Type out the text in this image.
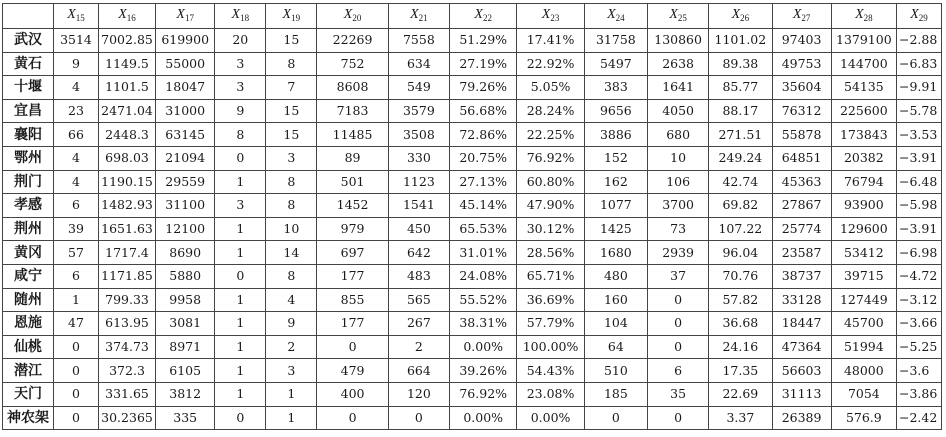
	$X_{15}$	$X_{16}$	$X_{17}$	$X_{18}$	$X_{19}$	$X_{20}$	$X_{21}$	$X_{22}$	$X_{23}$	$X_{24}$	$X_{25}$	$X_{26}$	$X_{27}$	$X_{28}$	$X_{29}$
武汉	3514	7002.85	619900	20	15	22269	7558	51.29%	17.41%	31758	130860	1101.02	97403	1379100	−2.88
黄石	9	1149.5	55000	3	8	752	634	27.19%	22.92%	5497	2638	89.38	49753	144700	−6.83
十堰	4	1101.5	18047	3	7	8608	549	79.26%	5.05%	383	1641	85.77	35604	54135	−9.91
宜昌	23	2471.04	31000	9	15	7183	3579	56.68%	28.24%	9656	4050	88.17	76312	225600	−5.78
襄阳	66	2448.3	63145	8	15	11485	3508	72.86%	22.25%	3886	680	271.51	55878	173843	−3.53
鄂州	4	698.03	21094	0	3	89	330	20.75%	76.92%	152	10	249.24	64851	20382	−3.91
荆门	4	1190.15	29559	1	8	501	1123	27.13%	60.80%	162	106	42.74	45363	76794	−6.48
孝感	6	1482.93	31100	3	8	1452	1541	45.14%	47.90%	1077	3700	69.82	27867	93900	−5.98
荆州	39	1651.63	12100	1	10	979	450	65.53%	30.12%	1425	73	107.22	25774	129600	−3.91
黄冈	57	1717.4	8690	1	14	697	642	31.01%	28.56%	1680	2939	96.04	23587	53412	−6.98
咸宁	6	1171.85	5880	0	8	177	483	24.08%	65.71%	480	37	70.76	38737	39715	−4.72
随州	1	799.33	9958	1	4	855	565	55.52%	36.69%	160	0	57.82	33128	127449	−3.12
恩施	47	613.95	3081	1	9	177	267	38.31%	57.79%	104	0	36.68	18447	45700	−3.66
仙桃	0	374.73	8971	1	2	0	2	0.00%	100.00%	64	0	24.16	47364	51994	−5.25
潜江	0	372.3	6105	1	3	479	664	39.26%	54.43%	510	6	17.35	56603	48000	−3.6
天门	0	331.65	3812	1	1	400	120	76.92%	23.08%	185	35	22.69	31113	7054	−3.86
神农架	0	30.2365	335	0	1	0	0	0.00%	0.00%	0	0	3.37	26389	576.9	−2.42
